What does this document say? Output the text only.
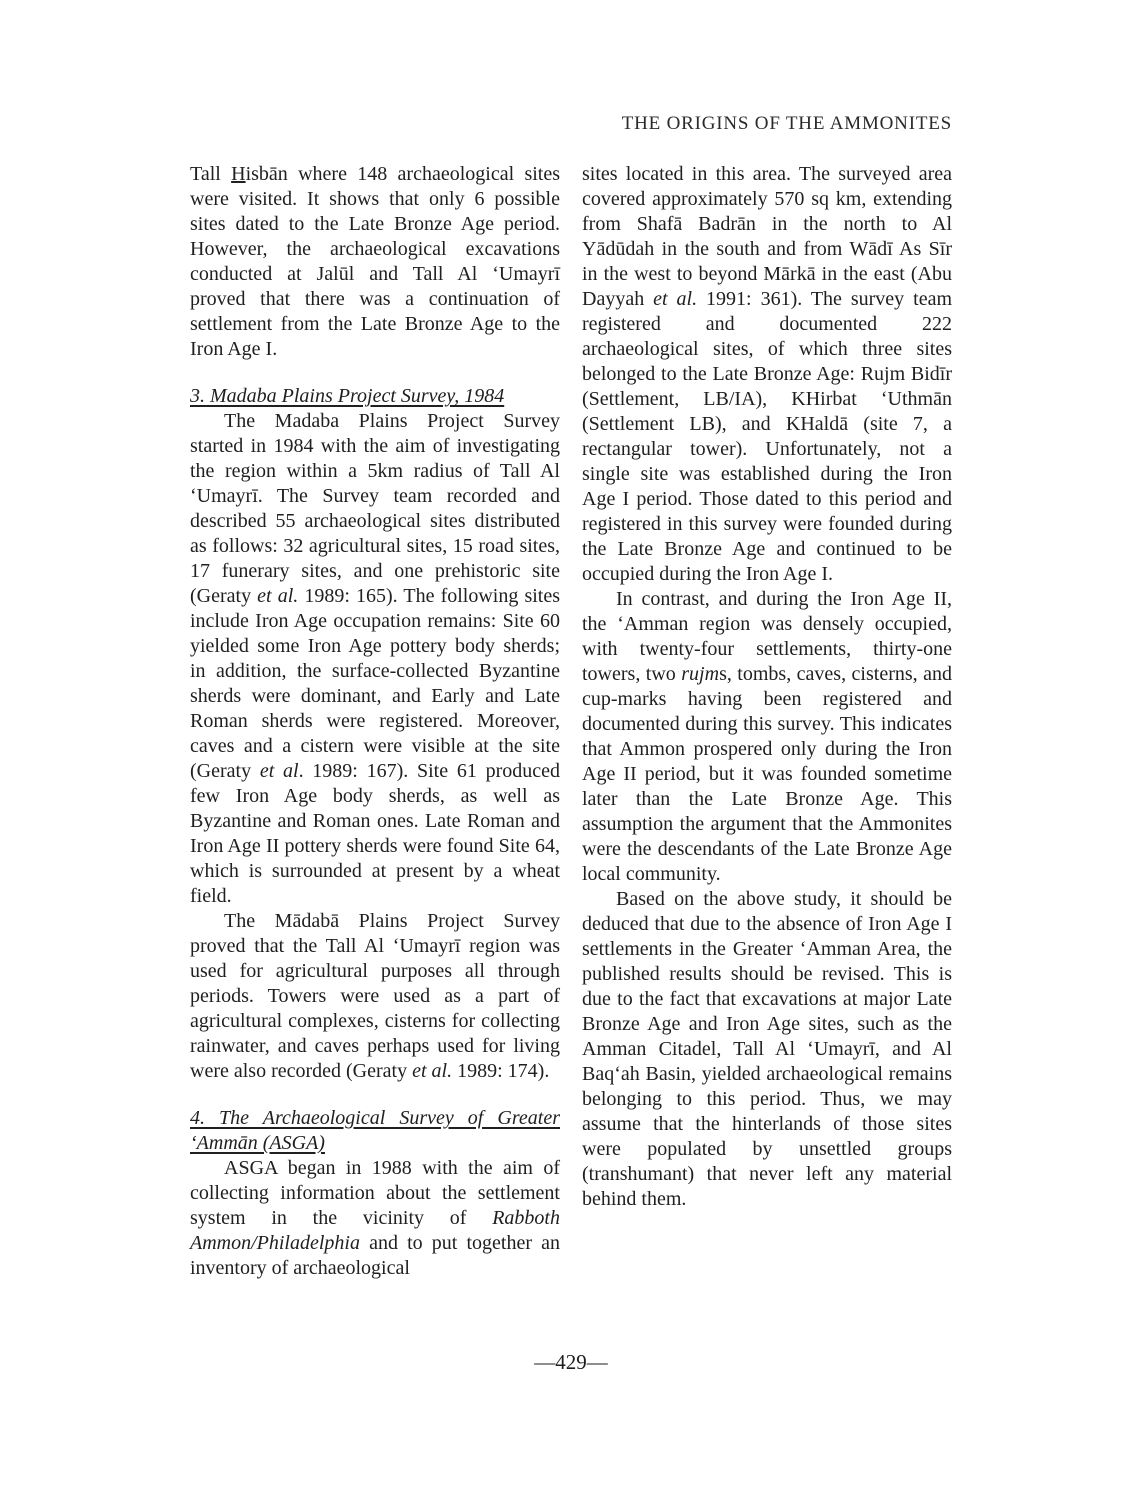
THE ORIGINS OF THE AMMONITES

Tall Hisbān where 148 archaeological sites were visited. It shows that only 6 possible sites dated to the Late Bronze Age period. However, the archaeological excavations conducted at Jalūl and Tall Al ‘Umayrī proved that there was a continuation of settlement from the Late Bronze Age to the Iron Age I.

3. Madaba Plains Project Survey, 1984

The Madaba Plains Project Survey started in 1984 with the aim of investigating the region within a 5km radius of Tall Al ‘Umayrī. The Survey team recorded and described 55 archaeological sites distributed as follows: 32 agricultural sites, 15 road sites, 17 funerary sites, and one prehistoric site (Geraty et al. 1989: 165). The following sites include Iron Age occupation remains: Site 60 yielded some Iron Age pottery body sherds; in addition, the surface-collected Byzantine sherds were dominant, and Early and Late Roman sherds were registered. Moreover, caves and a cistern were visible at the site (Geraty et al. 1989: 167). Site 61 produced few Iron Age body sherds, as well as Byzantine and Roman ones. Late Roman and Iron Age II pottery sherds were found Site 64, which is surrounded at present by a wheat field.

The Mādabā Plains Project Survey proved that the Tall Al ‘Umayrī region was used for agricultural purposes all through periods. Towers were used as a part of agricultural complexes, cisterns for collecting rainwater, and caves perhaps used for living were also recorded (Geraty et al. 1989: 174).

4. The Archaeological Survey of Greater ‘Ammān (ASGA)

ASGA began in 1988 with the aim of collecting information about the settlement system in the vicinity of Rabboth Ammon/Philadelphia and to put together an inventory of archaeological

sites located in this area. The surveyed area covered approximately 570 sq km, extending from Shafā Badrān in the north to Al Yādūdah in the south and from Wādī As Sīr in the west to beyond Mārkā in the east (Abu Dayyah et al. 1991: 361). The survey team registered and documented 222 archaeological sites, of which three sites belonged to the Late Bronze Age: Rujm Bidīr (Settlement, LB/IA), KHirbat ‘Uthmān (Settlement LB), and KHaldā (site 7, a rectangular tower). Unfortunately, not a single site was established during the Iron Age I period. Those dated to this period and registered in this survey were founded during the Late Bronze Age and continued to be occupied during the Iron Age I.

In contrast, and during the Iron Age II, the ‘Amman region was densely occupied, with twenty-four settlements, thirty-one towers, two rujms, tombs, caves, cisterns, and cup-marks having been registered and documented during this survey. This indicates that Ammon prospered only during the Iron Age II period, but it was founded sometime later than the Late Bronze Age. This assumption the argument that the Ammonites were the descendants of the Late Bronze Age local community.

Based on the above study, it should be deduced that due to the absence of Iron Age I settlements in the Greater ‘Amman Area, the published results should be revised. This is due to the fact that excavations at major Late Bronze Age and Iron Age sites, such as the Amman Citadel, Tall Al ‘Umayrī, and Al Baq‘ah Basin, yielded archaeological remains belonging to this period. Thus, we may assume that the hinterlands of those sites were populated by unsettled groups (transhumant) that never left any material behind them.

—429—
